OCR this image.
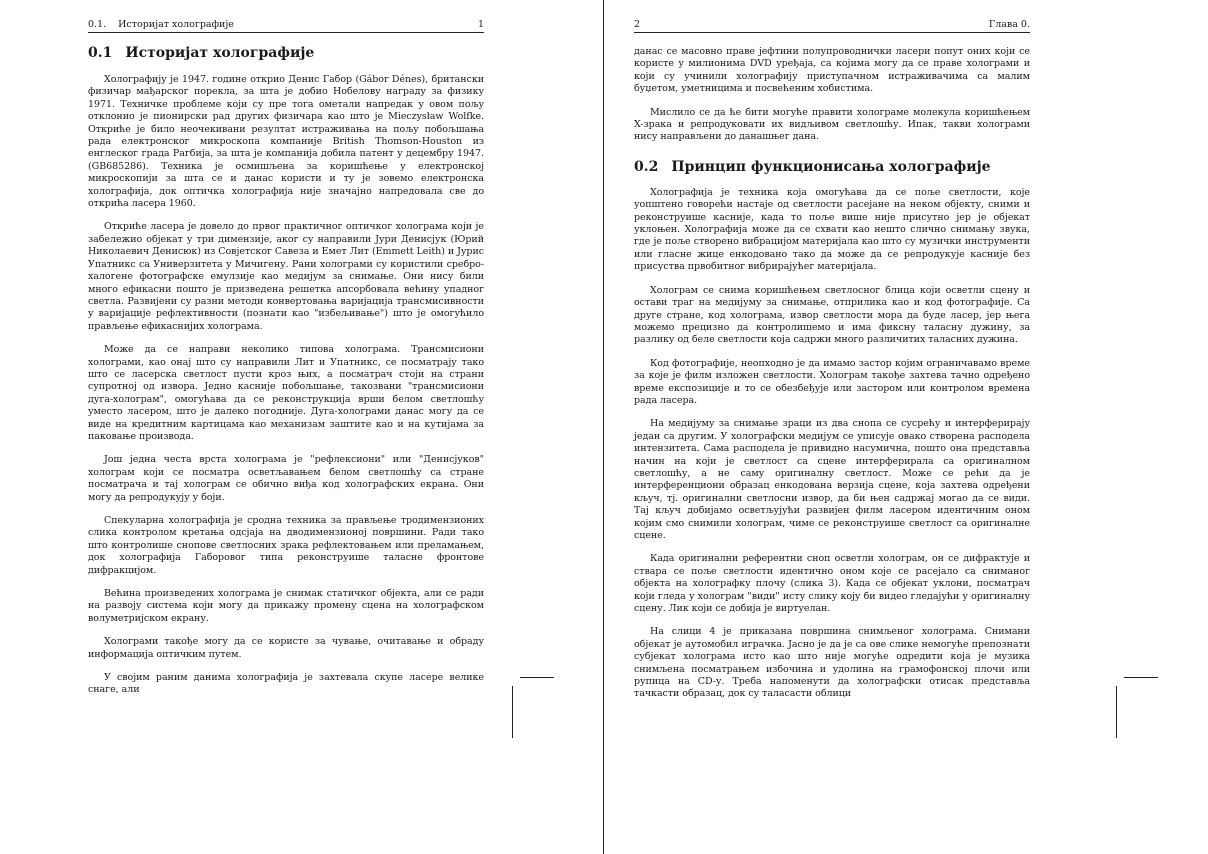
0.1. Историјат холографије	1
0.1 Историјат холографије

Холографију је 1947. године открио Денис Габор (Gábor Dénes), британски физичар мађарског порекла, за шта је добио Нобелову награду за физику 1971. Техничке проблеме који су пре тога ометали напредак у овом пољу отклонио је пионирски рад других физичара као што је Mieczysław Wolfke. Откриће је било неочекивани резултат истраживања на пољу побољшања рада електронског микроскопа компаније British Thomson-Houston из енглеског града Рагбија, за шта је компанија добила патент у децембру 1947. (GB685286). Техника је осмишљена за коришћење у електронској микроскопији за шта се и данас користи и ту је зовемо електронска холографија, док оптичка холографија није значајно напредовала све до открића ласера 1960.

Откриће ласера је довело до првог практичног оптичког холограма који је забележио објекат у три димензије, аког су направили Јури Денисјук (Юрий Николаевич Денисюк) из Совјетског Савеза и Емет Лит (Emmett Leith) и Јурис Упатникс са Универзитета у Мичигену. Рани холограми су користили сребро-халогене фотографске емулзије као медијум за снимање. Они нису били много ефикасни пошто је призведена решетка апсорбовала већину упадног светла. Развијени су разни методи конвертовања варијација трансмисивности у варијације рефлективности (познати као "избељивање") што је омогућило прављење ефикаснијих холограма.

Може да се направи неколико типова холограма. Трансмисиони холограми, као онај што су направили Лит и Упатникс, се посматрају тако што се ласерска светлост пусти кроз њих, а посматрач стоји на страни супротној од извора. Једно касније побољшање, такозвани "трансмисиони дуга-холограм", омогућава да се реконструкција врши белом светлошћу уместо ласером, што је далеко погодније. Дуга-холограми данас могу да се виде на кредитним картицама као механизам заштите као и на кутијама за паковање производа.

Још једна честа врста холограма је "рефлексиони" или "Денисјуков" холограм који се посматра осветљавањем белом светлошћу са стране посматрача и тај холограм се обично виђа код холографских екрана. Они могу да репродукују у боји.

Спекуларна холографија је сродна техника за прављење тродимензионих слика контролом кретања одсјаја на дводимензионој површини. Ради тако што контролише снопове светлосних зрака рефлектовањем или преламањем, док холографија Габоровог типа реконструише таласне фронтове дифракцијом.

Већина произведених холограма је снимак статичког објекта, али се ради на развоју система који могу да прикажу промену сцена на холографском волуметријском екрану.

Холограми такође могу да се користе за чување, очитавање и обраду информација оптичким путем.

У својим раним данима холографија је захтевала скупе ласере велике снаге, али

2	Глава 0.

данас се масовно праве јефтини полупроводнички ласери попут оних који се користе у милионима DVD уређаја, са којима могу да се праве холограми и који су учинили холографију приступачном истраживачима са малим буџетом, уметницима и посвећеним хобистима.

Мислило се да ће бити могуће правити холограме молекула коришћењем X-зрака и репродуковати их видљивом светлошћу. Ипак, такви холограми нису направљени до данашњег дана.

0.2 Принцип функционисања холографије

Холографија је техника која омогућава да се поље светлости, које уопштено говорећи настаје од светлости расејане на неком објекту, сними и реконструише касније, када то поље више није присутно јер је објекат уклоњен. Холографија може да се схвати као нешто слично снимању звука, где је поље створено вибрацијом материјала као што су музички инструменти или гласне жице енкодовано тако да може да се репродукује касније без присуства првобитног вибрирајућег материјала.

Холограм се снима коришћењем светлосног блица који осветли сцену и остави траг на медијуму за снимање, отприлика као и код фотографије. Са друге стране, код холограма, извор светлости мора да буде ласер, јер њега можемо прецизно да контролишемо и има фиксну таласну дужину, за разлику од беле светлости која садржи много различитих таласних дужина.

Код фотографије, неопходно је да имамо застор којим ограничавамо време за које је филм изложен светлости. Холограм такође захтева тачно одређено време експозиције и то се обезбеђује или застором или контролом времена рада ласера.

На медијуму за снимање зраци из два снопа се сусрећу и интерферирају један са другим. У холографски медијум се уписује овако створена расподела интензитета. Сама расподела је привидно насумична, пошто она представља начин на који је светлост са сцене интерферирала са оригиналном светлошћу, а не саму оригиналну светлост. Може се рећи да је интерференциони образац енкодована верзија сцене, која захтева одређени кључ, тј. оригинални светлосни извор, да би њен садржај могао да се види. Тај кључ добијамо осветљујући развијен филм ласером идентичним оном којим смо снимили холограм, чиме се реконструише светлост са оригиналне сцене.

Када оригинални референтни сноп осветли холограм, он се дифрактује и ствара се поље светлости идентично оном које се расејало са снимaног објекта на холографку плочу (слика 3). Када се објекат уклони, посматрач који гледа у холограм "види" исту слику коју би видео гледајући у оригиналну сцену. Лик који се добија је виртуелан.

На слици 4 је приказана површина снимљеног холограма. Снимани објекат је аутомобил играчка. Јасно је да је са ове слике немогуће препознати субјекат холограма исто као што није могуће одредити која је музика снимљена посматрањем избочина и удолина на грамофонској плочи или рупица на CD-у. Треба напоменути да холографски отисак представља тачкасти образац, док су таласасти облици
